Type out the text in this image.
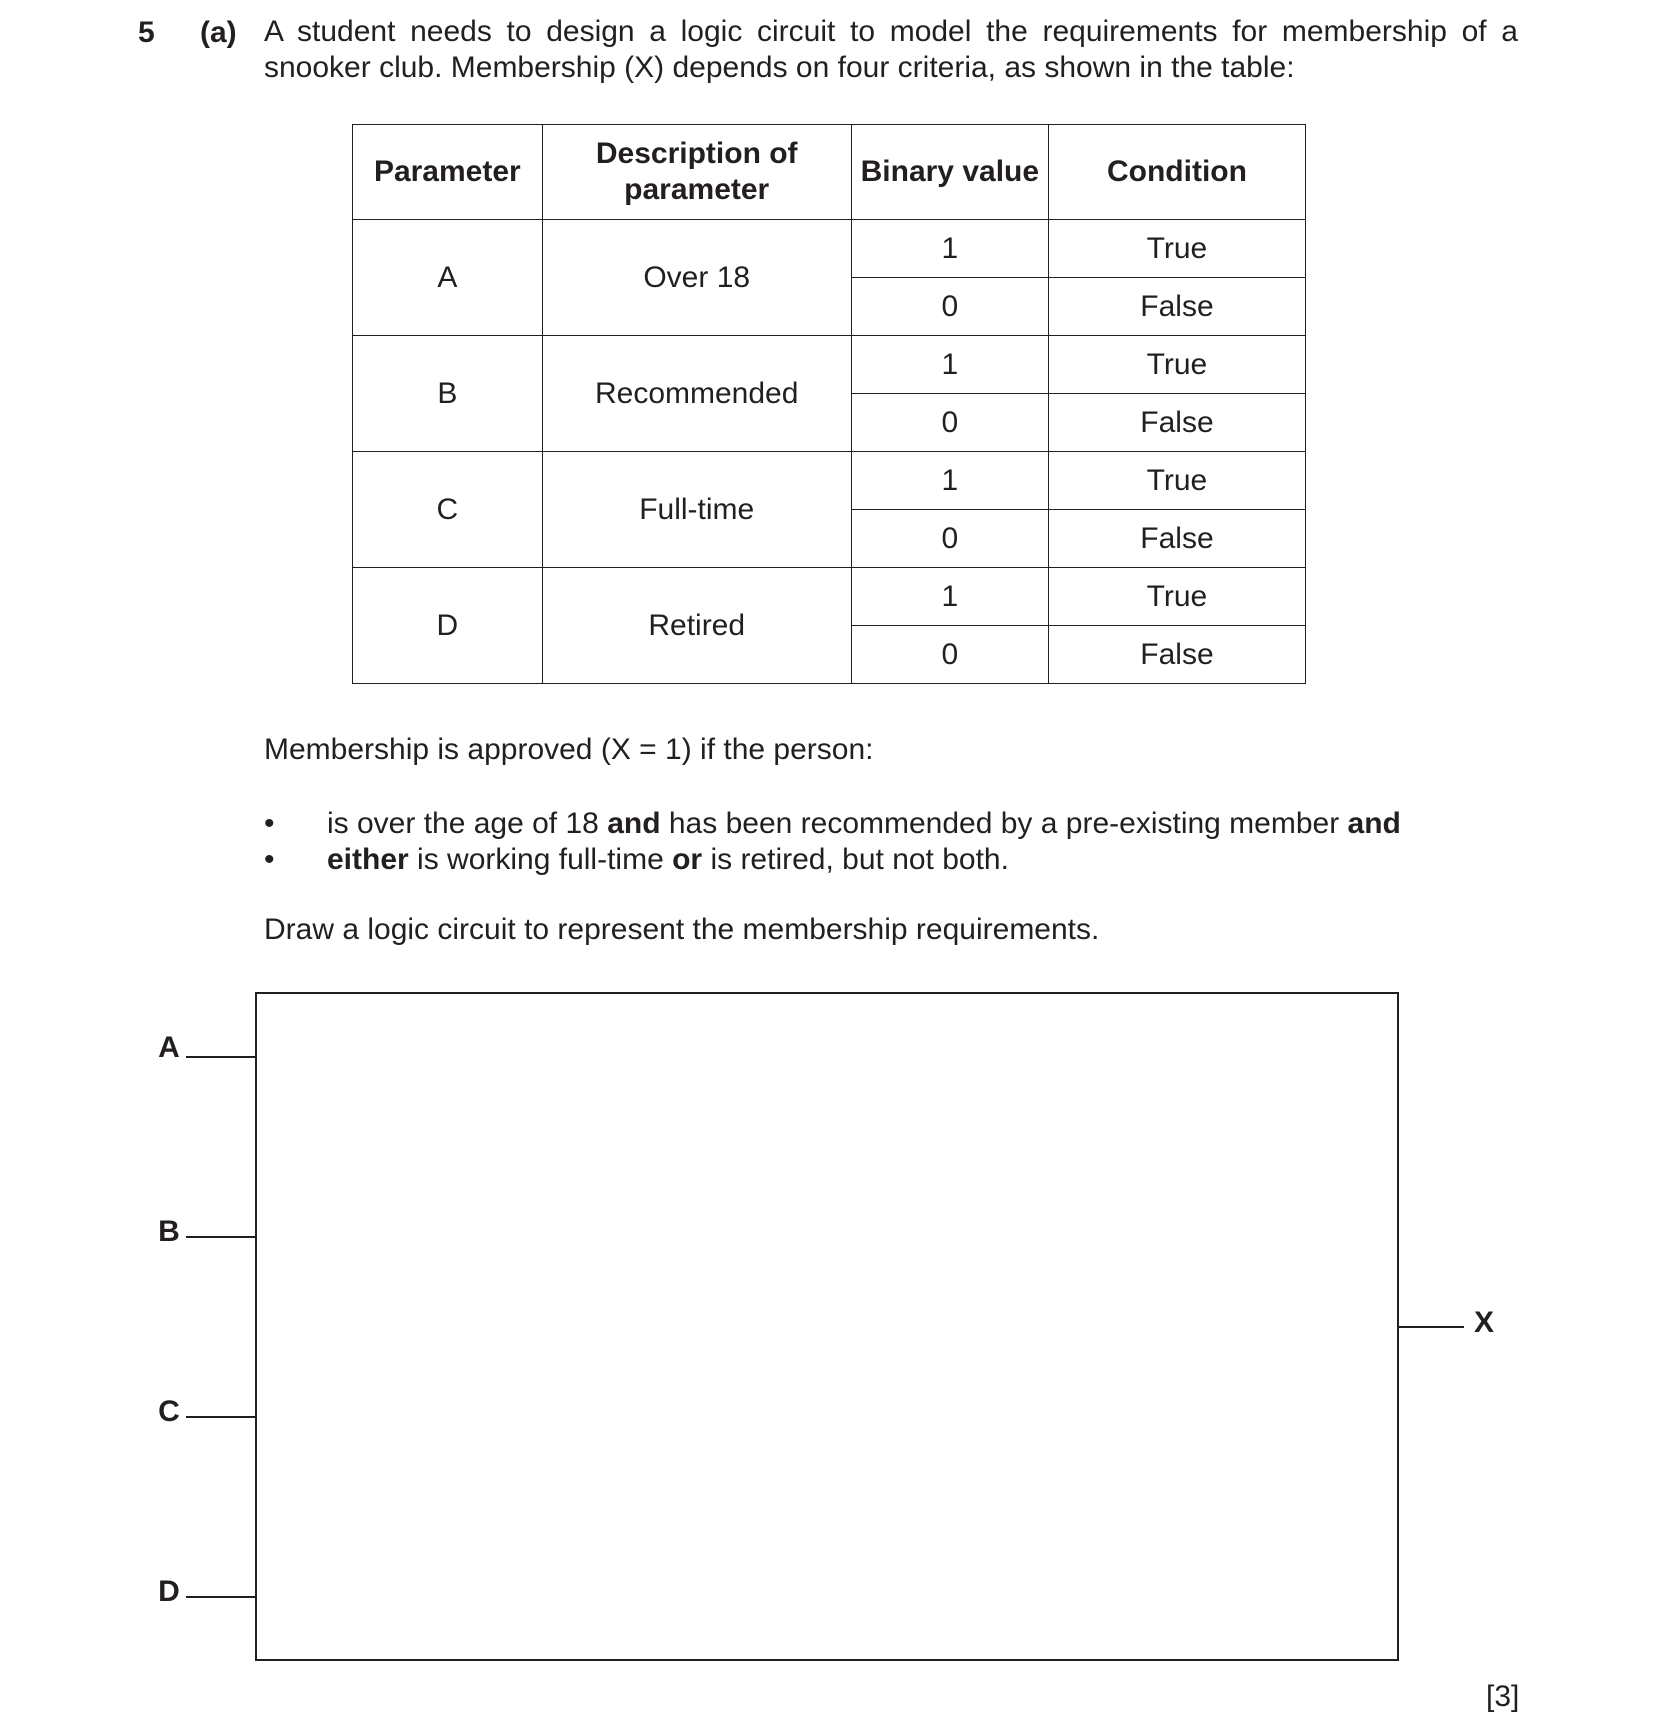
5 (a) A student needs to design a logic circuit to model the requirements for membership of a snooker club. Membership (X) depends on four criteria, as shown in the table:

Parameter	Description of parameter	Binary value	Condition
A	Over 18	1	True
		0	False
B	Recommended	1	True
		0	False
C	Full-time	1	True
		0	False
D	Retired	1	True
		0	False

Membership is approved (X = 1) if the person:

• is over the age of 18 and has been recommended by a pre-existing member and
• either is working full-time or is retired, but not both.

Draw a logic circuit to represent the membership requirements.

A
B
C
D
X
[3]
